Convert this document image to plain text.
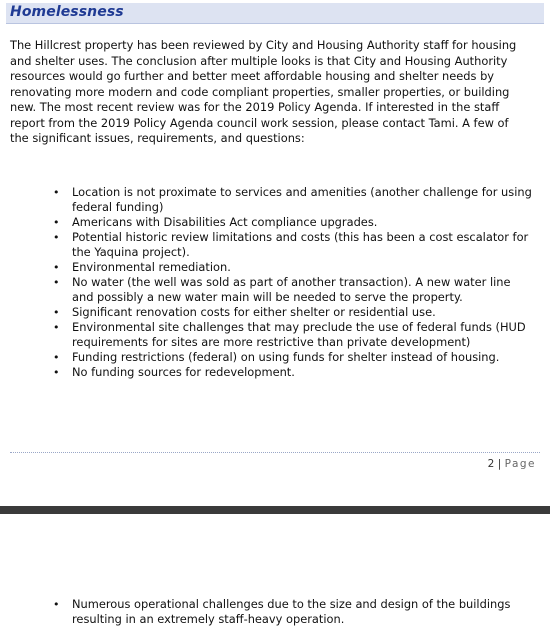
Homelessness

The Hillcrest property has been reviewed by City and Housing Authority staff for housing and shelter uses. The conclusion after multiple looks is that City and Housing Authority resources would go further and better meet affordable housing and shelter needs by renovating more modern and code compliant properties, smaller properties, or building new. The most recent review was for the 2019 Policy Agenda. If interested in the staff report from the 2019 Policy Agenda council work session, please contact Tami. A few of the significant issues, requirements, and questions:

• Location is not proximate to services and amenities (another challenge for using federal funding)
• Americans with Disabilities Act compliance upgrades.
• Potential historic review limitations and costs (this has been a cost escalator for the Yaquina project).
• Environmental remediation.
• No water (the well was sold as part of another transaction). A new water line and possibly a new water main will be needed to serve the property.
• Significant renovation costs for either shelter or residential use.
• Environmental site challenges that may preclude the use of federal funds (HUD requirements for sites are more restrictive than private development)
• Funding restrictions (federal) on using funds for shelter instead of housing.
• No funding sources for redevelopment.
2 | Page
• Numerous operational challenges due to the size and design of the buildings resulting in an extremely staff-heavy operation.
